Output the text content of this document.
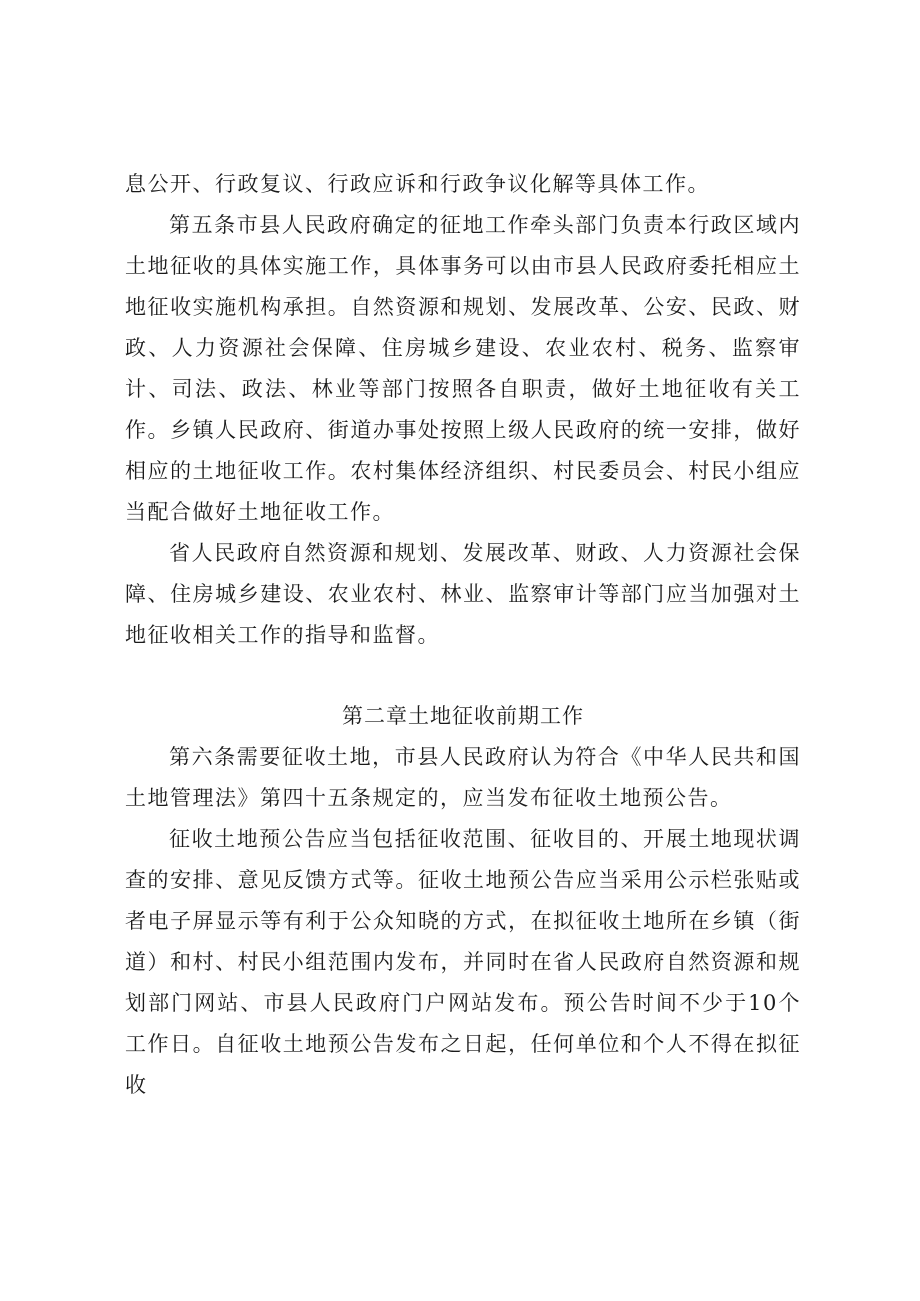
息公开、行政复议、行政应诉和行政争议化解等具体工作。

第五条市县人民政府确定的征地工作牵头部门负责本行政区域内土地征收的具体实施工作，具体事务可以由市县人民政府委托相应土地征收实施机构承担。自然资源和规划、发展改革、公安、民政、财政、人力资源社会保障、住房城乡建设、农业农村、税务、监察审计、司法、政法、林业等部门按照各自职责，做好土地征收有关工作。乡镇人民政府、街道办事处按照上级人民政府的统一安排，做好相应的土地征收工作。农村集体经济组织、村民委员会、村民小组应当配合做好土地征收工作。

省人民政府自然资源和规划、发展改革、财政、人力资源社会保障、住房城乡建设、农业农村、林业、监察审计等部门应当加强对土地征收相关工作的指导和监督。

第二章土地征收前期工作

第六条需要征收土地，市县人民政府认为符合《中华人民共和国土地管理法》第四十五条规定的，应当发布征收土地预公告。

征收土地预公告应当包括征收范围、征收目的、开展土地现状调查的安排、意见反馈方式等。征收土地预公告应当采用公示栏张贴或者电子屏显示等有利于公众知晓的方式，在拟征收土地所在乡镇（街道）和村、村民小组范围内发布，并同时在省人民政府自然资源和规划部门网站、市县人民政府门户网站发布。预公告时间不少于10个工作日。自征收土地预公告发布之日起，任何单位和个人不得在拟征收
